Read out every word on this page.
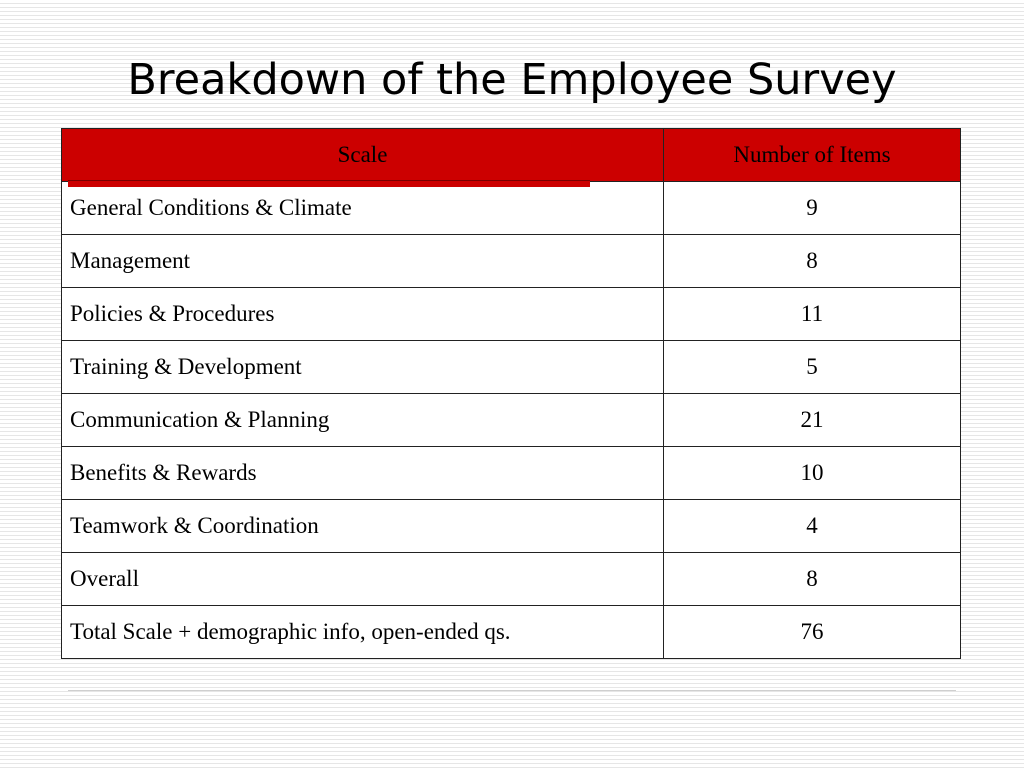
Breakdown of the Employee Survey
Scale	Number of Items
General Conditions & Climate	9
Management	8
Policies & Procedures	11
Training & Development	5
Communication & Planning	21
Benefits & Rewards	10
Teamwork & Coordination	4
Overall	8
Total Scale + demographic info, open-ended qs.	76
